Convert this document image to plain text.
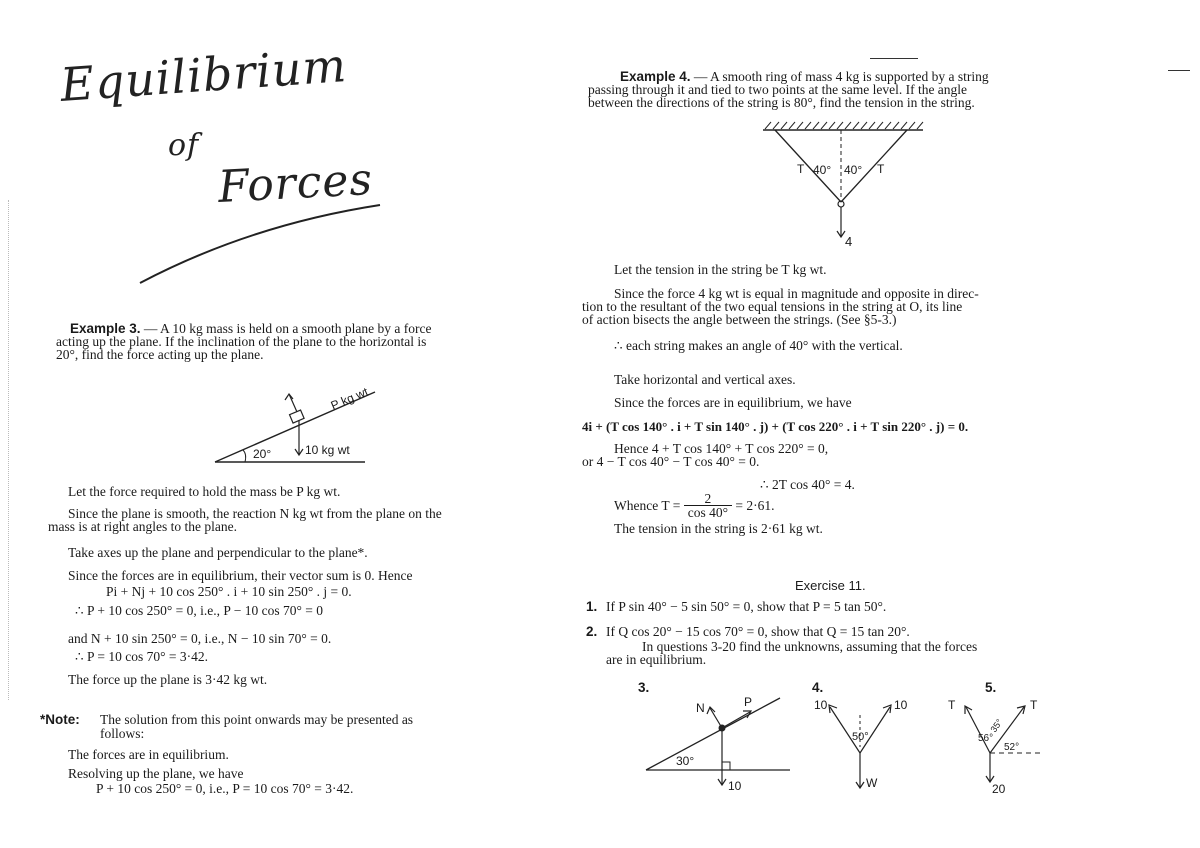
Equilibrium
of
Forces
Example 3. — A 10 kg mass is held on a smooth plane by a force
acting up the plane. If the inclination of the plane to the horizontal is
20°, find the force acting up the plane.
P kg wt
10 kg wt
20°
Let the force required to hold the mass be P kg wt.
Since the plane is smooth, the reaction N kg wt from the plane on the
mass is at right angles to the plane.
Take axes up the plane and perpendicular to the plane*.
Since the forces are in equilibrium, their vector sum is 0. Hence
Pi + Nj + 10 cos 250° . i + 10 sin 250° . j = 0.
∴ P + 10 cos 250° = 0, i.e., P − 10 cos 70° = 0
and N + 10 sin 250° = 0, i.e., N − 10 sin 70° = 0.
∴ P = 10 cos 70° = 3·42.
The force up the plane is 3·42 kg wt.
*Note: The solution from this point onwards may be presented as
follows:
The forces are in equilibrium.
Resolving up the plane, we have
P + 10 cos 250° = 0, i.e., P = 10 cos 70° = 3·42.
Example 4. — A smooth ring of mass 4 kg is supported by a string
passing through it and tied to two points at the same level. If the angle
between the directions of the string is 80°, find the tension in the string.
T 40° 40° T
4
Let the tension in the string be T kg wt.
Since the force 4 kg wt is equal in magnitude and opposite in direc-
tion to the resultant of the two equal tensions in the string at O, its line
of action bisects the angle between the strings. (See §5-3.)
∴ each string makes an angle of 40° with the vertical.
Take horizontal and vertical axes.
Since the forces are in equilibrium, we have
4i + (T cos 140° . i + T sin 140° . j) + (T cos 220° . i + T sin 220° . j) = 0.
Hence 4 + T cos 140° + T cos 220° = 0,
or 4 − T cos 40° − T cos 40° = 0.
∴ 2T cos 40° = 4.
Whence $T = \frac{2}{\cos 40^\circ} = 2\cdot 61$.
The tension in the string is 2·61 kg wt.
Exercise 11.
1. If P sin 40° − 5 sin 50° = 0, show that P = 5 tan 50°.
2. If Q cos 20° − 15 cos 70° = 0, show that Q = 15 tan 20°.
In questions 3-20 find the unknowns, assuming that the forces
are in equilibrium.
3.
N	P
30°
10
4.
10	10
50°
W
5.
T	T
56°
35°
52°
20
